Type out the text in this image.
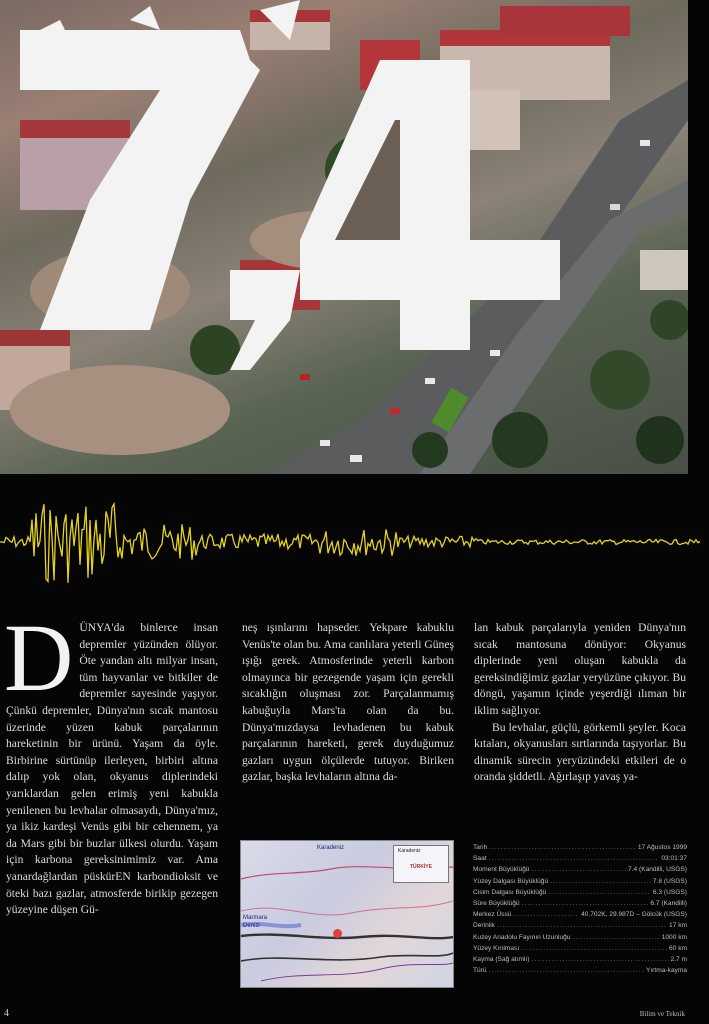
D ÜNYA'da binlerce insan depremler yüzünden ölüyor. Öte yandan altı milyar insan, tüm hayvanlar ve bitkiler de depremler sayesinde yaşıyor. Çünkü depremler, Dünya'nın sıcak mantosu üzerinde yüzen kabuk parçalarının hareketinin bir ürünü. Yaşam da öyle. Birbirine sürtünüp ilerleyen, birbiri altına dalıp yok olan, okyanus diplerindeki yarıklardan gelen erimiş yeni kabukla yenilenen bu levhalar olmasaydı, Dünya'mız, ya ikiz kardeşi Venüs gibi bir cehennem, ya da Mars gibi bir buzlar ülkesi olurdu. Yaşam için karbona gereksinimimiz var. Ama yanardağlardan püskürEN karbondioksit ve öteki bazı gazlar, atmosferde birikip gezegen yüzeyine düşen Gü-

neş ışınlarını hapseder. Yekpare kabuklu Venüs'te olan bu. Ama canlılara yeterli Güneş ışığı gerek. Atmosferinde yeterli karbon olmayınca bir gezegende yaşam için gerekli sıcaklığın oluşması zor. Parçalanmamış kabuğuyla Mars'ta olan da bu. Dünya'mızdaysa levhadenen bu kabuk parçalarının hareketi, gerek duyduğumuz gazları uygun ölçülerde tutuyor. Biriken gazlar, başka levhaların altına da-

lan kabuk parçalarıyla yeniden Dünya'nın sıcak mantosuna dönüyor: Okyanus diplerinde yeni oluşan kabukla da gereksindiğimiz gazlar yeryüzüne çıkıyor. Bu döngü, yaşamın içinde yeşerdiği ılıman bir iklim sağlıyor.

Bu levhalar, güçlü, görkemli şeyler. Koca kıtaları, okyanusları sırtlarında taşıyorlar. Bu dinamik sürecin yeryüzündeki etkileri de o oranda şiddetli. Ağırlaşıp yavaş ya-

Karadeniz
Marmara
Denizi
Karadeniz
TÜRKİYE
Tarih .....	17 Ağustos 1999
Saat .....	03:01:37
Moment Büyüklüğü .....	7.4 (Kandilli, USGS)
Yüzey Dalgası Büyüklüğü .....	7.8 (USGS)
Cisim Dalgası Büyüklüğü .....	6.3 (USGS)
Süre Büyüklüğü .....	6.7 (Kandilli)
Merkez Üssü .....	40.702K, 29.987D – Gölcük (USGS)
Derinlik .....	17 km
Kuzey Anadolu Fayının Uzunluğu .....	1000 km
Yüzey Kırılması .....	60 km
Kayma (Sağ atımlı) .....	2.7 m
Türü .....	Yırtma-kayma
4	Bilim ve Teknik
